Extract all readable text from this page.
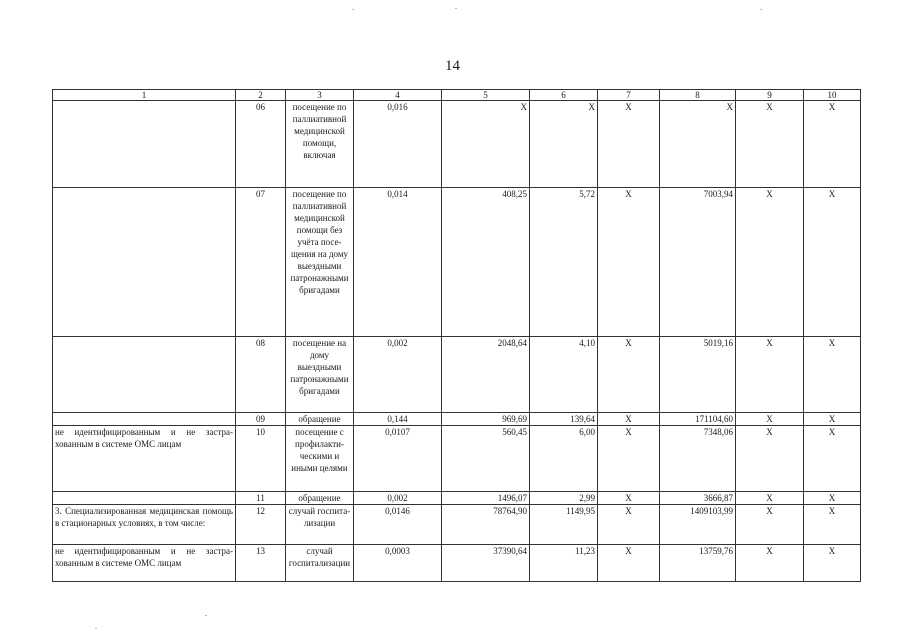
14
1	2	3	4	5	6	7	8	9	10
	06	посещение по паллиативной медицинской помощи, включая	0,016	Х	Х	Х	Х	Х	Х
	07	посещение по паллиативной медицинской помощи без учёта посещения на дому выездными патронажными бригадами	0,014	408,25	5,72	Х	7003,94	Х	Х
	08	посещение на дому выездными патронажными бригадами	0,002	2048,64	4,10	Х	5019,16	Х	Х
	09	обращение	0,144	969,69	139,64	Х	171104,60	Х	Х
не идентифицированным и не застрахованным в системе ОМС лицам	10	посещение с профилактическими и иными целями	0,0107	560,45	6,00	Х	7348,06	Х	Х
	11	обращение	0,002	1496,07	2,99	Х	3666,87	Х	Х
3. Специализированная медицинская помощь в стационарных условиях, в том числе:	12	случай госпитализации	0,0146	78764,90	1149,95	Х	1409103,99	Х	Х
не идентифицированным и не застрахованным в системе ОМС лицам	13	случай госпитализации	0,0003	37390,64	11,23	Х	13759,76	Х	Х
